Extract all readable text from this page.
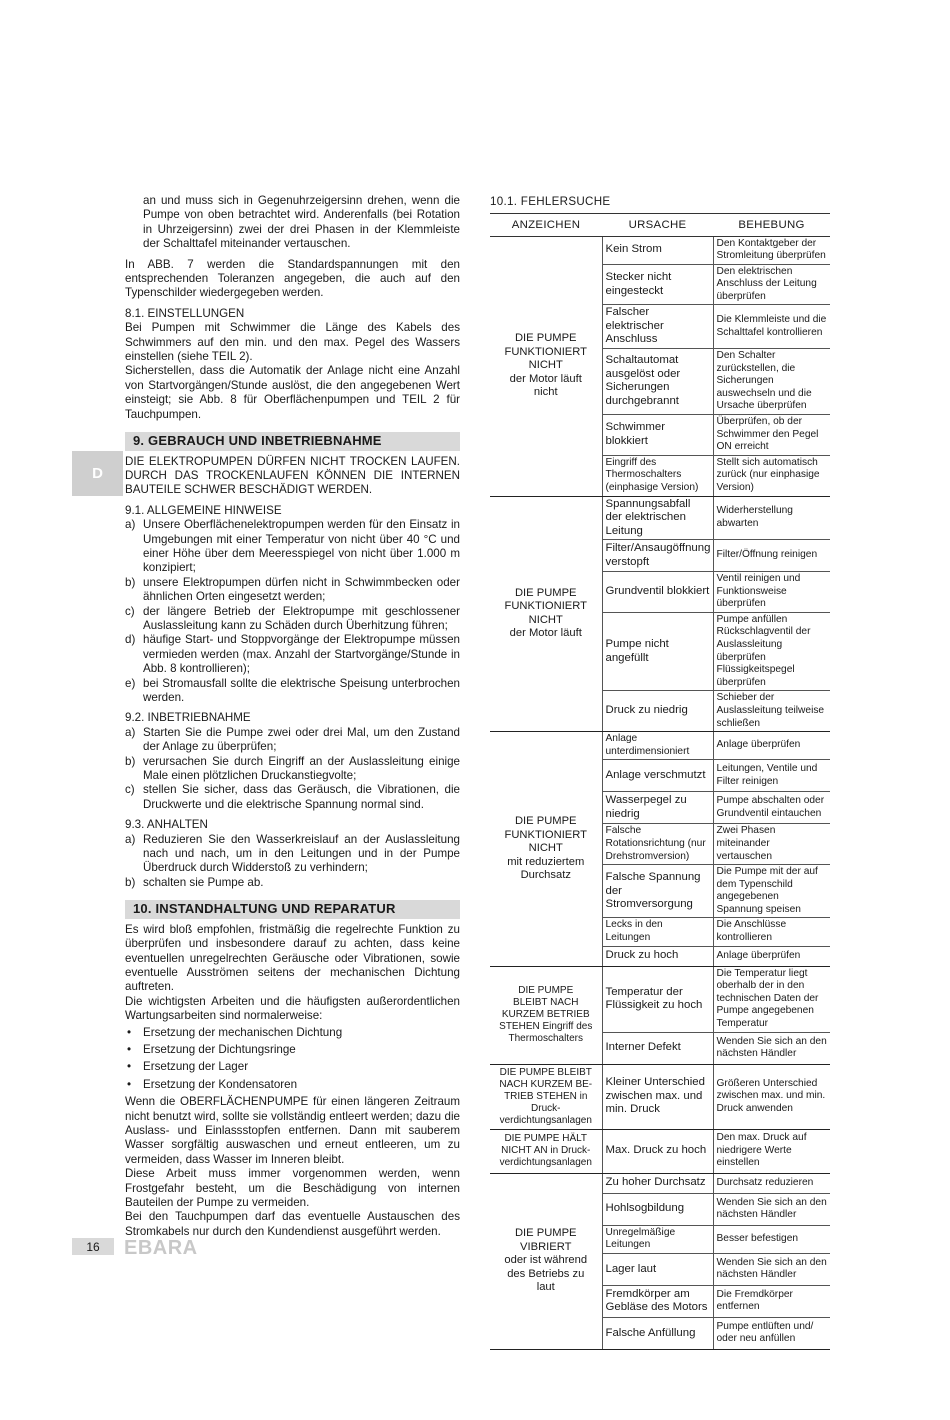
an und muss sich in Gegenuhrzeigersinn drehen, wenn die Pumpe von oben betrachtet wird. Anderenfalls (bei Rotation in Uhrzeigersinn) zwei der drei Phasen in der Klemmleiste der Schalttafel miteinander vertauschen.

In ABB. 7 werden die Standardspannungen mit den entsprechenden Toleranzen angegeben, die auch auf den Typenschilder wiedergegeben werden.

8.1. EINSTELLUNGEN

Bei Pumpen mit Schwimmer die Länge des Kabels des Schwimmers auf den min. und den max. Pegel des Wassers einstellen (siehe TEIL 2).

Sicherstellen, dass die Automatik der Anlage nicht eine Anzahl von Startvorgängen/Stunde auslöst, die den angegebenen Wert einsteigt; sie Abb. 8 für Oberflächenpumpen und TEIL 2 für Tauchpumpen.

9. GEBRAUCH UND INBETRIEBNAHME

DIE ELEKTROPUMPEN DÜRFEN NICHT TROCKEN LAUFEN. DURCH DAS TROCKENLAUFEN KÖNNEN DIE INTERNEN BAUTEILE SCHWER BESCHÄDIGT WERDEN.

9.1. ALLGEMEINE HINWEISE
a) Unsere Oberflächenelektropumpen werden für den Einsatz in Umgebungen mit einer Temperatur von nicht über 40 °C und einer Höhe über dem Meeresspiegel von nicht über 1.000 m konzipiert;
b) unsere Elektropumpen dürfen nicht in Schwimmbecken oder ähnlichen Orten eingesetzt werden;
c) der längere Betrieb der Elektropumpe mit geschlossener Auslassleitung kann zu Schäden durch Überhitzung führen;
d) häufige Start- und Stoppvorgänge der Elektropumpe müssen vermieden werden (max. Anzahl der Startvorgänge/Stunde in Abb. 8 kontrollieren);
e) bei Stromausfall sollte die elektrische Speisung unterbrochen werden.
9.2. INBETRIEBNAHME
a) Starten Sie die Pumpe zwei oder drei Mal, um den Zustand der Anlage zu überprüfen;
b) verursachen Sie durch Eingriff an der Auslassleitung einige Male einen plötzlichen Druckanstiegvolte;
c) stellen Sie sicher, dass das Geräusch, die Vibrationen, die Druckwerte und die elektrische Spannung normal sind.
9.3. ANHALTEN
a) Reduzieren Sie den Wasserkreislauf an der Auslassleitung nach und nach, um in den Leitungen und in der Pumpe Überdruck durch Widderstoß zu verhindern;
b) schalten sie Pumpe ab.
10. INSTANDHALTUNG UND REPARATUR

Es wird bloß empfohlen, fristmäßig die regelrechte Funktion zu überprüfen und insbesondere darauf zu achten, dass keine eventuellen unregelrechten Geräusche oder Vibrationen, sowie eventuelle Ausströmen seitens der mechanischen Dichtung auftreten.

Die wichtigsten Arbeiten und die häufigsten außerordentlichen Wartungsarbeiten sind normalerweise:

• Ersetzung der mechanischen Dichtung
• Ersetzung der Dichtungsringe
• Ersetzung der Lager
• Ersetzung der Kondensatoren

Wenn die OBERFLÄCHENPUMPE für einen längeren Zeitraum nicht benutzt wird, sollte sie vollständig entleert werden; dazu die Auslass- und Einlassstopfen entfernen. Dann mit sauberem Wasser sorgfältig auswaschen und erneut entleeren, um zu vermeiden, dass Wasser im Inneren bleibt.

Diese Arbeit muss immer vorgenommen werden, wenn Frostgefahr besteht, um die Beschädigung von internen Bauteilen der Pumpe zu vermeiden.

Bei den Tauchpumpen darf das eventuelle Austauschen des Stromkabels nur durch den Kundendienst ausgeführt werden.

D
16	EBARA
10.1. FEHLERSUCHE
ANZEICHEN	URSACHE	BEHEBUNG
DIE PUMPE
FUNKTIONIERT
NICHT
der Motor läuft
nicht	Kein Strom	Den Kontaktgeber der Stromleitung überprüfen
	Stecker nicht eingesteckt	Den elektrischen Anschluss der Leitung überprüfen
	Falscher elektrischer Anschluss	Die Klemmleiste und die Schalttafel kontrollieren
	Schaltautomat ausgelöst oder Sicherungen durchgebrannt	Den Schalter zurückstellen, die Sicherungen auswechseln und die Ursache überprüfen
	Schwimmer blokkiert	Überprüfen, ob der Schwimmer den Pegel ON erreicht
	Eingriff des Thermoschalters (einphasige Version)	Stellt sich automatisch zurück (nur einphasige Version)
DIE PUMPE
FUNKTIONIERT
NICHT
der Motor läuft	Spannungsabfall der elektrischen Leitung	Widerherstellung abwarten
	Filter/Ansaugöffnung verstopft	Filter/Öffnung reinigen
	Grundventil blokkiert	Ventil reinigen und Funktionsweise überprüfen
	Pumpe nicht angefüllt	Pumpe anfüllen Rückschlagventil der Auslassleitung überprüfen Flüssigkeitspegel überprüfen
	Druck zu niedrig	Schieber der Auslassleitung teilweise schließen
DIE PUMPE
FUNKTIONIERT
NICHT
mit reduziertem
Durchsatz	Anlage unterdimensioniert	Anlage überprüfen
	Anlage verschmutzt	Leitungen, Ventile und Filter reinigen
	Wasserpegel zu niedrig	Pumpe abschalten oder Grundventil eintauchen
	Falsche Rotationsrichtung (nur Drehstromversion)	Zwei Phasen miteinander vertauschen
	Falsche Spannung der Stromversorgung	Die Pumpe mit der auf dem Typenschild angegebenen Spannung speisen
	Lecks in den Leitungen	Die Anschlüsse kontrollieren
	Druck zu hoch	Anlage überprüfen
DIE PUMPE
BLEIBT NACH
KURZEM BETRIEB
STEHEN Eingriff des
Thermoschalters	Temperatur der Flüssigkeit zu hoch	Die Temperatur liegt oberhalb der in den technischen Daten der Pumpe angegebenen Temperatur
	Interner Defekt	Wenden Sie sich an den nächsten Händler
DIE PUMPE BLEIBT
NACH KURZEM BE-
TRIEB STEHEN in Druck-
verdichtungsanlagen	Kleiner Unterschied zwischen max. und min. Druck	Größeren Unterschied zwischen max. und min. Druck anwenden
DIE PUMPE HÄLT
NICHT AN in Druck-
verdichtungsanlagen	Max. Druck zu hoch	Den max. Druck auf niedrigere Werte einstellen
DIE PUMPE
VIBRIERT
oder ist während
des Betriebs zu
laut	Zu hoher Durchsatz	Durchsatz reduzieren
	Hohlsogbildung	Wenden Sie sich an den nächsten Händler
	Unregelmäßige Leitungen	Besser befestigen
	Lager laut	Wenden Sie sich an den nächsten Händler
	Fremdkörper am Gebläse des Motors	Die Fremdkörper entfernen
	Falsche Anfüllung	Pumpe entlüften und/ oder neu anfüllen
